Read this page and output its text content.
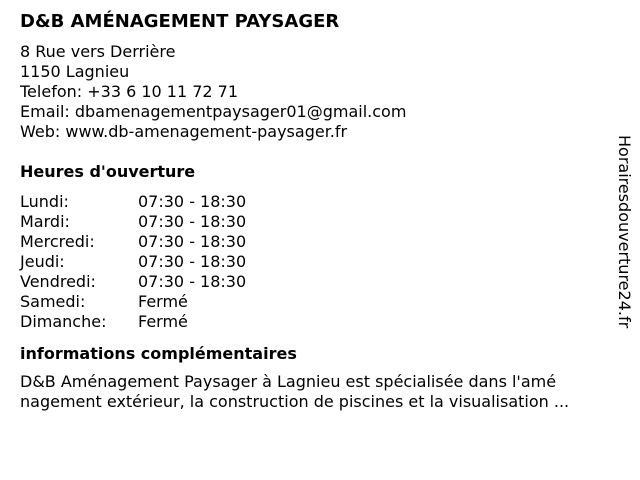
D&B AMÉNAGEMENT PAYSAGER
8 Rue vers Derrière
1150 Lagnieu
Telefon: +33 6 10 11 72 71
Email: dbamenagementpaysager01@gmail.com
Web: www.db-amenagement-paysager.fr
Heures d'ouverture
Lundi:	07:30 - 18:30
Mardi:	07:30 - 18:30
Mercredi:	07:30 - 18:30
Jeudi:	07:30 - 18:30
Vendredi:	07:30 - 18:30
Samedi:	Fermé
Dimanche:	Fermé
informations complémentaires
D&B Aménagement Paysager à Lagnieu est spécialisée dans l'amé
nagement extérieur, la construction de piscines et la visualisation ...
Horairesdouverture24.fr
